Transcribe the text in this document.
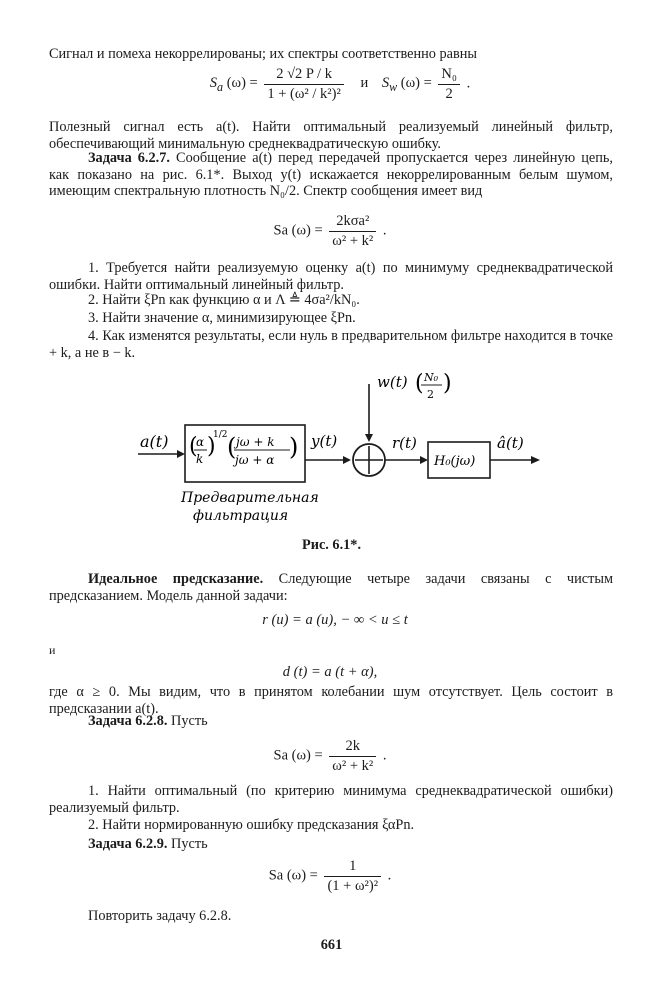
Сигнал и помеха некоррелированы; их спектры соответственно равны
$S_a$ $(\omega) = \frac{2 √2 P / k}{\text{1 + (ω² / k²)²}}$ и $S_w$ $(\omega) = \frac{\text{N₀}}{2}$ .
Полезный сигнал есть a(t). Найти оптимальный реализуемый линейный фильтр, обеспечивающий минимальную среднеквадратическую ошибку.
Задача 6.2.7. Сообщение a(t) перед передачей пропускается через линейную цепь, как показано на рис. 6.1*. Выход y(t) искажается некоррелированным белым шумом, имеющим спектральную плотность N₀/2. Спектр сообщения имеет вид
Sa $(\omega) = \frac{\text{2kσa²}}{\text{ω² + k²}}$ .
1. Требуется найти реализуемую оценку a(t) по минимуму среднеквадратической ошибки. Найти оптимальный линейный фильтр.
2. Найти ξPn как функцию α и Λ ≜ 4σa²/kN₀.
3. Найти значение α, минимизирующее ξPn.
4. Как изменятся результаты, если нуль в предварительном фильтре находится в точке + k, а не в − k.
a(t) (
α
k )
1/2 ( jω + k
jω + α ) y(t)
w(t) ( N₀
2 )
+
r(t)
H₀(jω)
â(t)
Предварительная
фильтрация
Рис. 6.1*.
Идеальное предсказание. Следующие четыре задачи связаны с чистым предсказанием. Модель данной задачи:
r (u) = a (u), − ∞ < u ≤ t
и
d (t) = a (t + α),
где α ≥ 0. Мы видим, что в принятом колебании шум отсутствует. Цель состоит в предсказании a(t).
Задача 6.2.8. Пусть
Sa $(\omega) = \frac{2k}{\text{ω² + k²}}$ .
1. Найти оптимальный (по критерию минимума среднеквадратической ошибки) реализуемый фильтр.
2. Найти нормированную ошибку предсказания ξαPn.
Задача 6.2.9. Пусть
Sa $(\omega) = \frac{1}{\text{(1 + ω²)²}}$ .
Повторить задачу 6.2.8.
661
